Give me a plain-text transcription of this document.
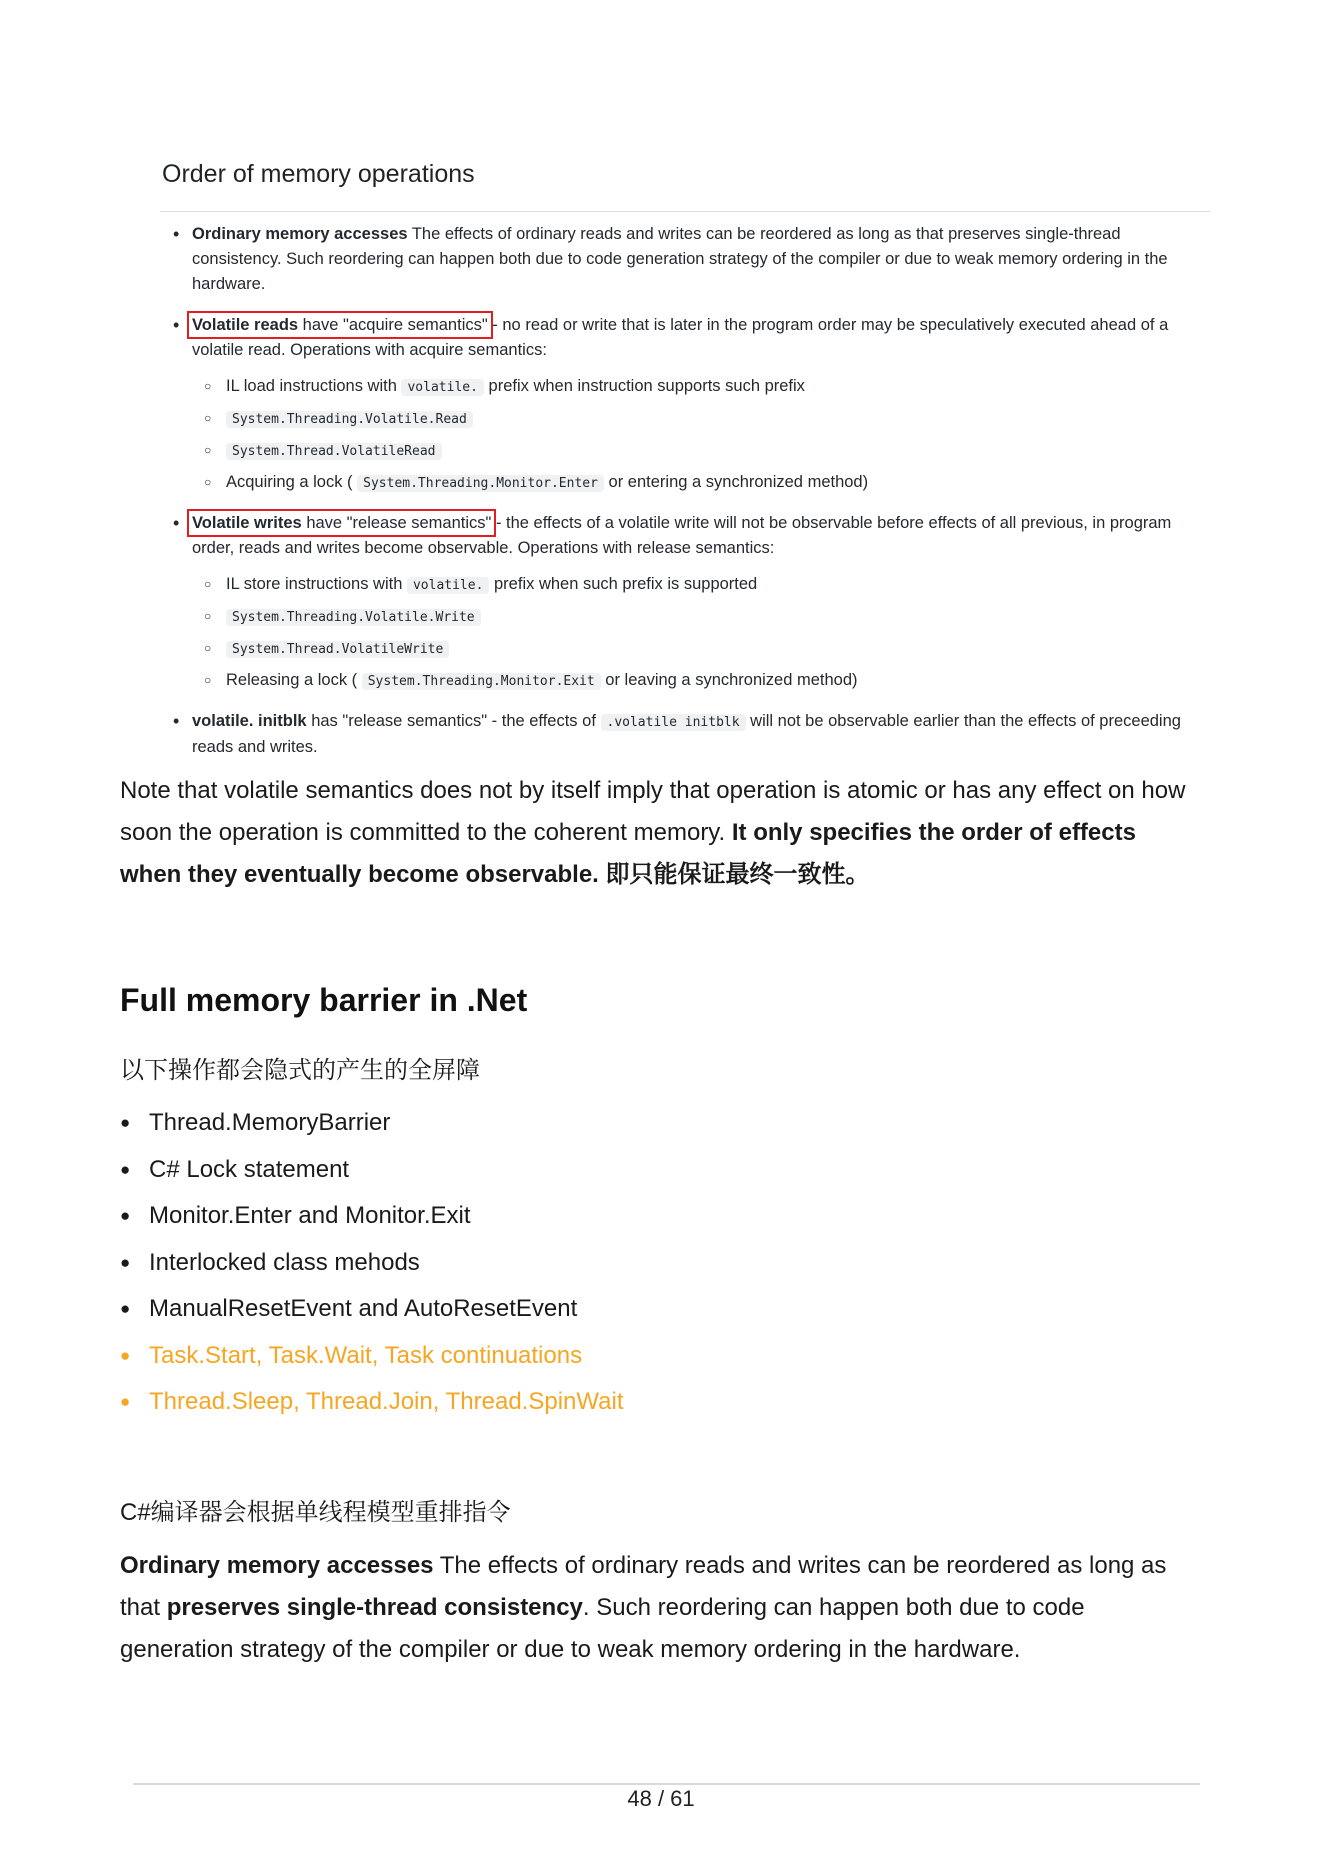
Order of memory operations
• Ordinary memory accesses The effects of ordinary reads and writes can be reordered as long as that preserves single-thread consistency. Such reordering can happen both due to code generation strategy of the compiler or due to weak memory ordering in the hardware.
• Volatile reads have "acquire semantics" - no read or write that is later in the program order may be speculatively executed ahead of a volatile read. Operations with acquire semantics:
○ IL load instructions with volatile. prefix when instruction supports such prefix
○ System.Threading.Volatile.Read
○ System.Thread.VolatileRead
○ Acquiring a lock ( System.Threading.Monitor.Enter or entering a synchronized method)
• Volatile writes have "release semantics" - the effects of a volatile write will not be observable before effects of all previous, in program order, reads and writes become observable. Operations with release semantics:
○ IL store instructions with volatile. prefix when such prefix is supported
○ System.Threading.Volatile.Write
○ System.Thread.VolatileWrite
○ Releasing a lock ( System.Threading.Monitor.Exit or leaving a synchronized method)
• volatile. initblk has "release semantics" - the effects of .volatile initblk will not be observable earlier than the effects of preceeding reads and writes.

Note that volatile semantics does not by itself imply that operation is atomic or has any effect on how soon the operation is committed to the coherent memory. It only specifies the order of effects when they eventually become observable. 即只能保证最终一致性。

Full memory barrier in .Net
以下操作都会隐式的产生的全屏障
● Thread.MemoryBarrier
● C# Lock statement
● Monitor.Enter and Monitor.Exit
● Interlocked class mehods
● ManualResetEvent and AutoResetEvent
● Task.Start, Task.Wait, Task continuations
● Thread.Sleep, Thread.Join, Thread.SpinWait
C#编译器会根据单线程模型重排指令

Ordinary memory accesses The effects of ordinary reads and writes can be reordered as long as that preserves single-thread consistency. Such reordering can happen both due to code generation strategy of the compiler or due to weak memory ordering in the hardware.

48 / 61
